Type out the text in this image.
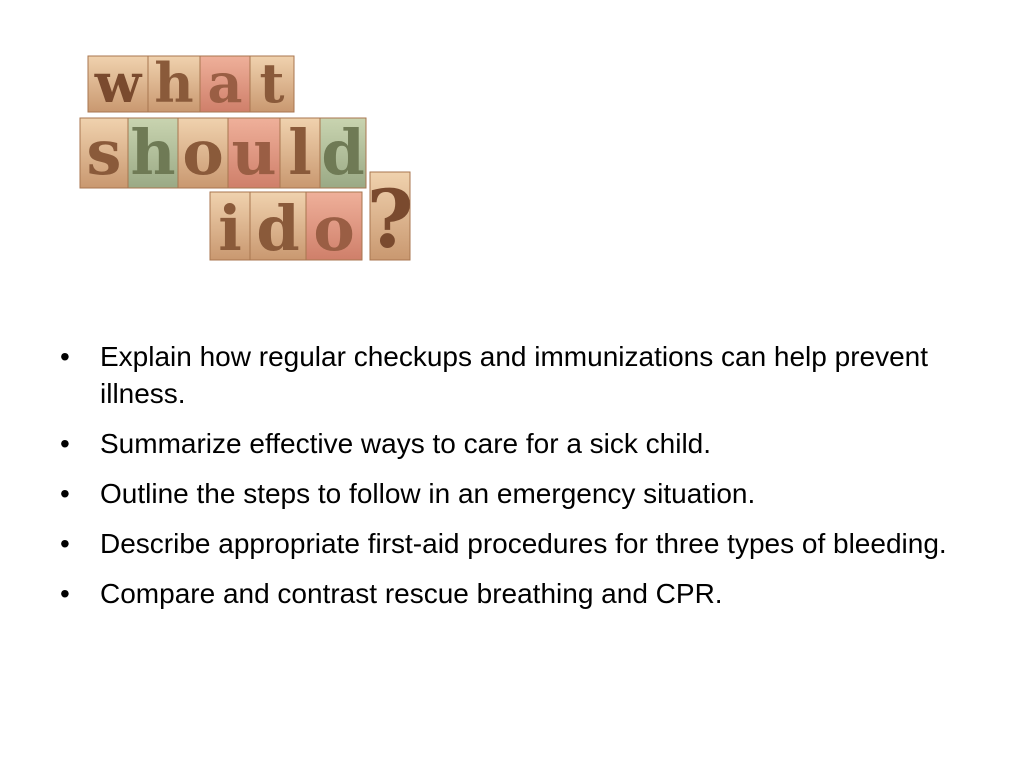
w h a t
s h o u l d
i d o ?
•	Explain how regular checkups and immunizations can help prevent illness.
•	Summarize effective ways to care for a sick child.
•	Outline the steps to follow in an emergency situation.
•	Describe appropriate first-aid procedures for three types of bleeding.
•	Compare and contrast rescue breathing and CPR.
